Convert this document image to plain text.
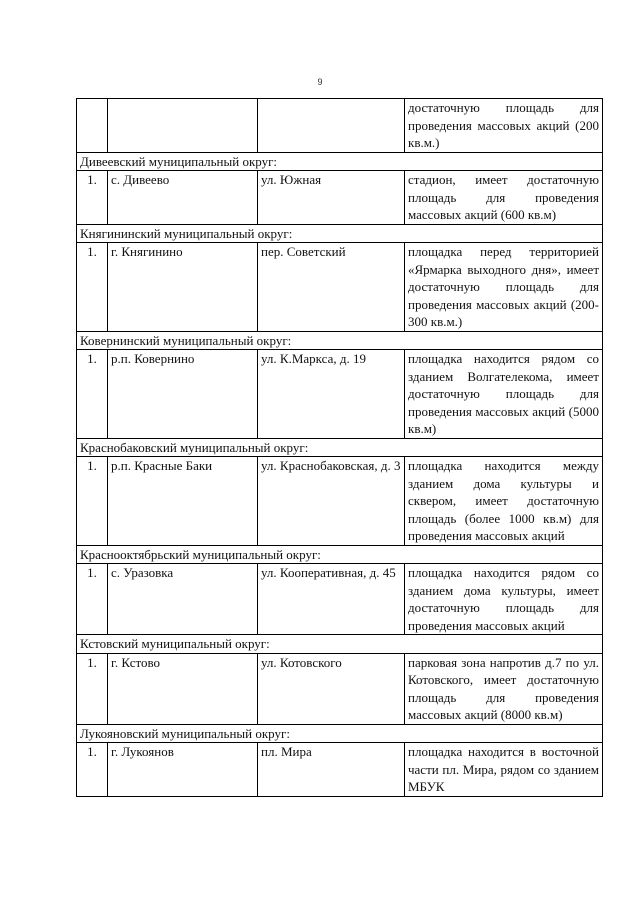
9
			достаточную площадь для проведения массовых акций (200 кв.м.)
Дивеевский муниципальный округ:			
1.	с. Дивеево	ул. Южная	стадион, имеет достаточную площадь для проведения массовых акций (600 кв.м)
Княгининский муниципальный округ:			
1.	г. Княгинино	пер. Советский	площадка перед территорией «Ярмарка выходного дня», имеет достаточную площадь для проведения массовых акций (200-300 кв.м.)
Ковернинский муниципальный округ:			
1.	р.п. Ковернино	ул. К.Маркса, д. 19	площадка находится рядом со зданием Волгателекома, имеет достаточную площадь для проведения массовых акций (5000 кв.м)
Краснобаковский муниципальный округ:			
1.	р.п. Красные Баки	ул. Краснобаковская, д. 3	площадка находится между зданием дома культуры и сквером, имеет достаточную площадь (более 1000 кв.м) для проведения массовых акций
Краснооктябрьский муниципальный округ:			
1.	с. Уразовка	ул. Кооперативная, д. 45	площадка находится рядом со зданием дома культуры, имеет достаточную площадь для проведения массовых акций
Кстовский муниципальный округ:			
1.	г. Кстово	ул. Котовского	парковая зона напротив д.7 по ул. Котовского, имеет достаточную площадь для проведения массовых акций (8000 кв.м)
Лукояновский муниципальный округ:			
1.	г. Лукоянов	пл. Мира	площадка находится в восточной части пл. Мира, рядом со зданием МБУК
